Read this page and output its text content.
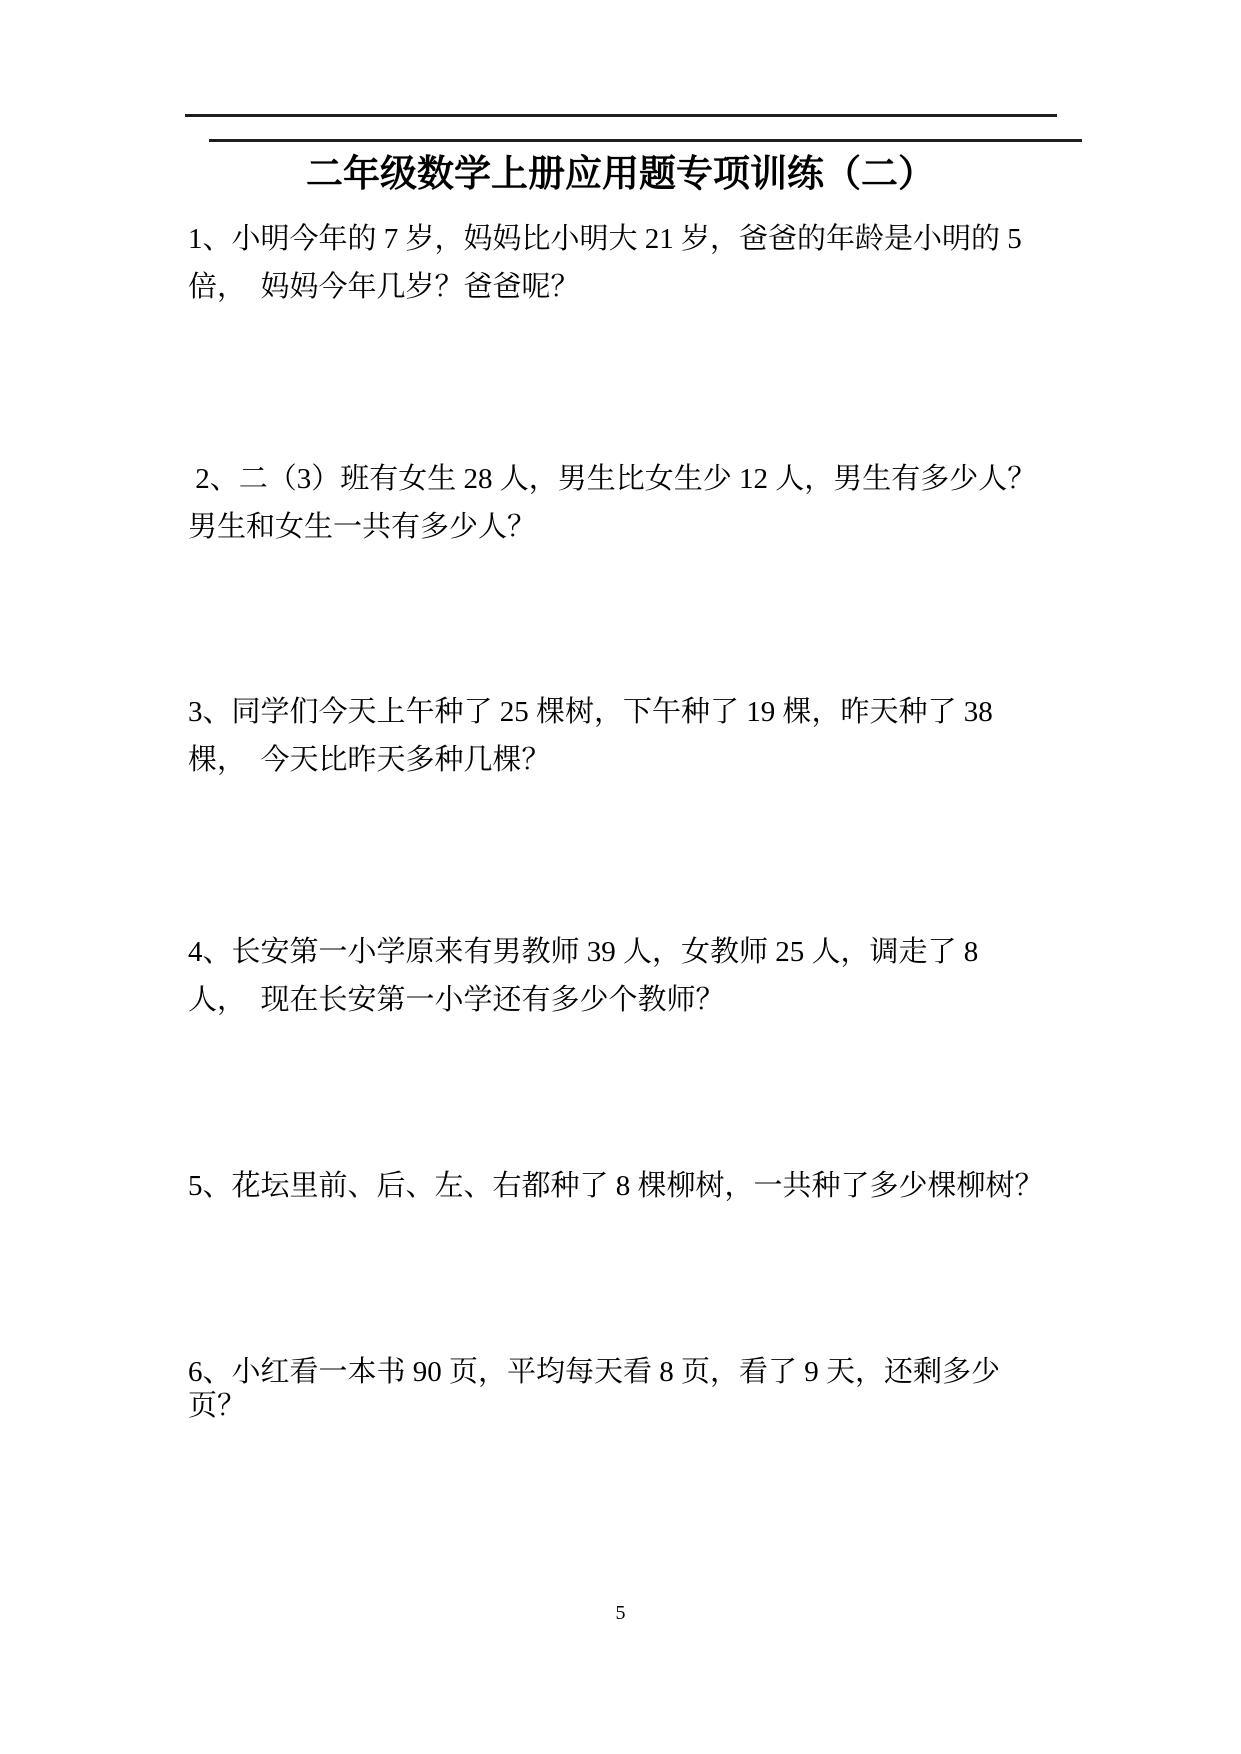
二年级数学上册应用题专项训练（二）
1、小明今年的 7 岁，妈妈比小明大 21 岁，爸爸的年龄是小明的 5
倍，  妈妈今年几岁？爸爸呢？
2、二（3）班有女生 28 人，男生比女生少 12 人，男生有多少人？
男生和女生一共有多少人？
3、同学们今天上午种了 25 棵树，下午种了 19 棵，昨天种了 38
棵，  今天比昨天多种几棵？
4、长安第一小学原来有男教师 39 人，女教师 25 人，调走了 8
人，  现在长安第一小学还有多少个教师？
5、花坛里前、后、左、右都种了 8 棵柳树，一共种了多少棵柳树？
6、小红看一本书 90 页，平均每天看 8 页，看了 9 天，还剩多少
页？
5
